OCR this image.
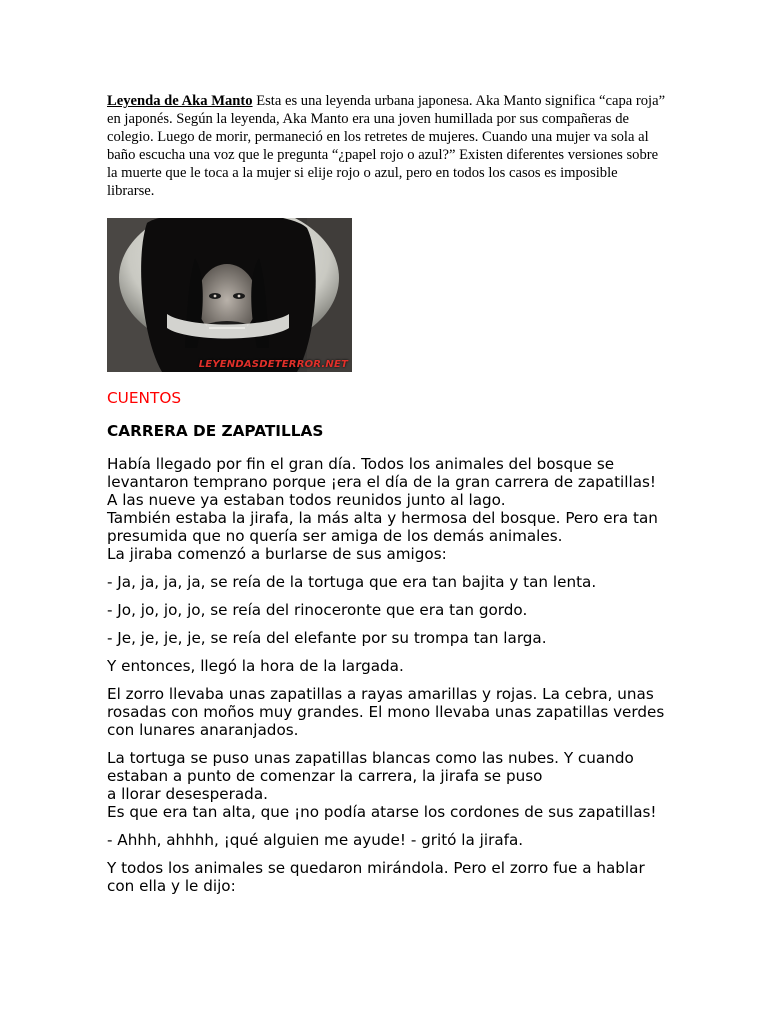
Leyenda de Aka Manto Esta es una leyenda urbana japonesa. Aka Manto significa “capa roja” en japonés. Según la leyenda, Aka Manto era una joven humillada por sus compañeras de colegio. Luego de morir, permaneció en los retretes de mujeres. Cuando una mujer va sola al baño escucha una voz que le pregunta “¿papel rojo o azul?” Existen diferentes versiones sobre la muerte que le toca a la mujer si elije rojo o azul, pero en todos los casos es imposible librarse.

LEYENDASDETERROR.NET
CUENTOS
CARRERA DE ZAPATILLAS

Había llegado por fin el gran día. Todos los animales del bosque se levantaron temprano porque ¡era el día de la gran carrera de zapatillas!
A las nueve ya estaban todos reunidos junto al lago.
También estaba la jirafa, la más alta y hermosa del bosque. Pero era tan presumida que no quería ser amiga de los demás animales.
La jiraba comenzó a burlarse de sus amigos:

- Ja, ja, ja, ja, se reía de la tortuga que era tan bajita y tan lenta.

- Jo, jo, jo, jo, se reía del rinoceronte que era tan gordo.

- Je, je, je, je, se reía del elefante por su trompa tan larga.

Y entonces, llegó la hora de la largada.

El zorro llevaba unas zapatillas a rayas amarillas y rojas. La cebra, unas rosadas con moños muy grandes. El mono llevaba unas zapatillas verdes con lunares anaranjados.

La tortuga se puso unas zapatillas blancas como las nubes. Y cuando estaban a punto de comenzar la carrera, la jirafa se puso
a llorar desesperada.
Es que era tan alta, que ¡no podía atarse los cordones de sus zapatillas!

- Ahhh, ahhhh, ¡qué alguien me ayude! - gritó la jirafa.

Y todos los animales se quedaron mirándola. Pero el zorro fue a hablar con ella y le dijo:
